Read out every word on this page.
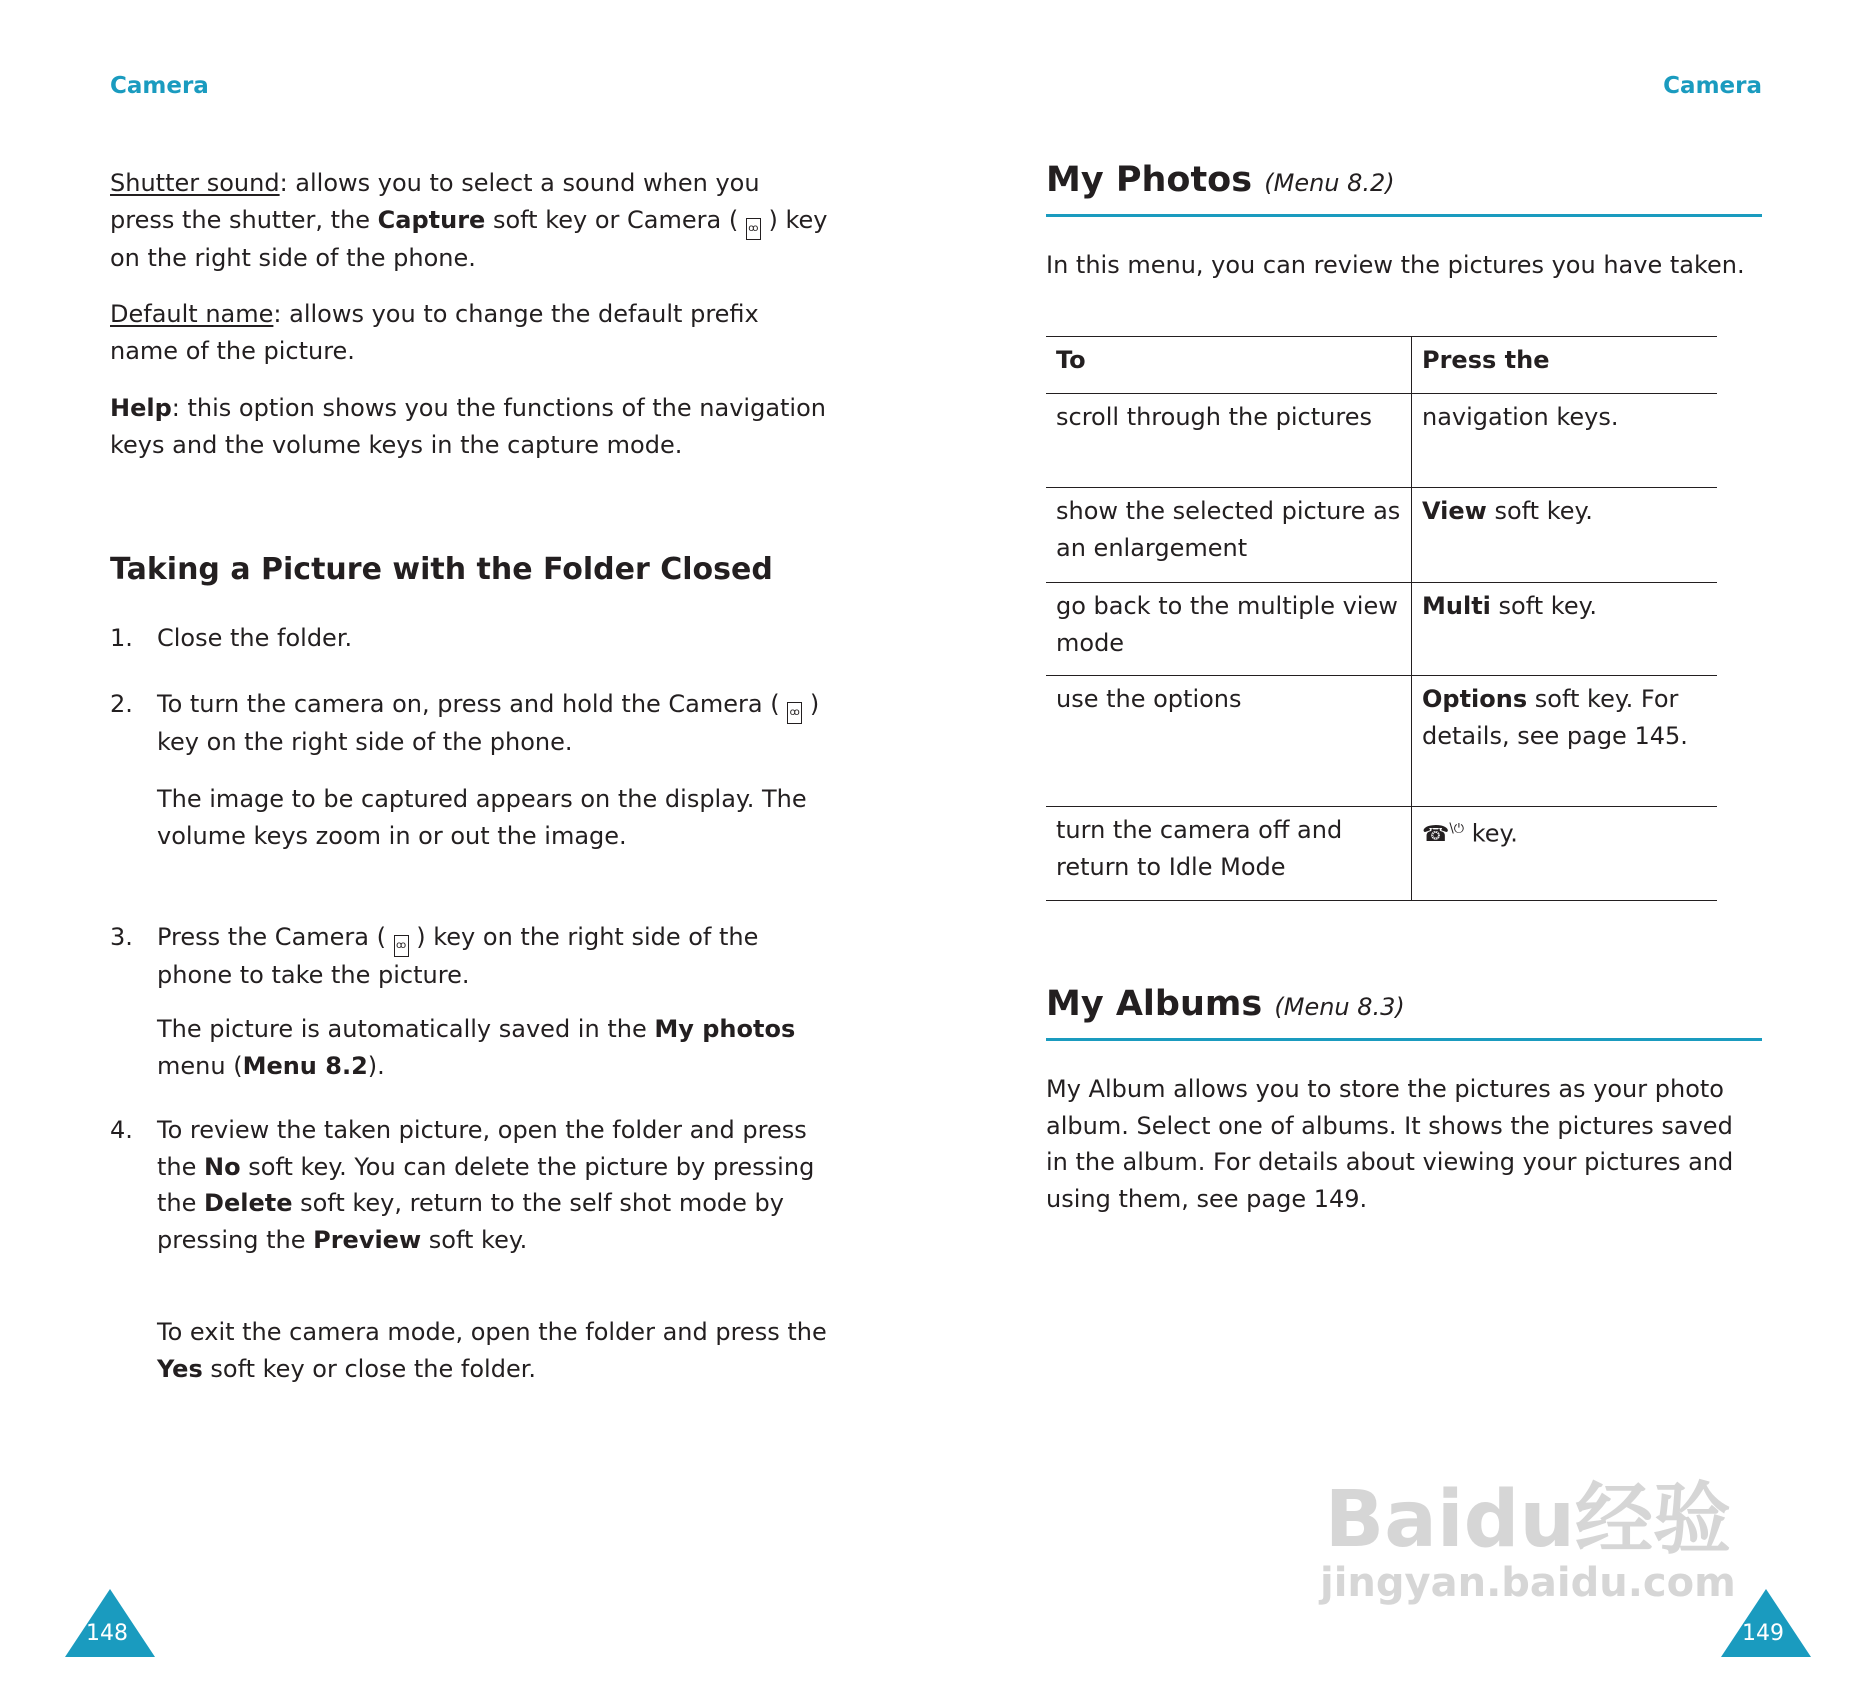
Camera	Camera

Shutter sound: allows you to select a sound when you press the shutter, the Capture soft key or Camera ( ꝏ ) key on the right side of the phone.

Default name: allows you to change the default prefix name of the picture.

Help: this option shows you the functions of the navigation keys and the volume keys in the capture mode.

Taking a Picture with the Folder Closed
1. Close the folder.
2. To turn the camera on, press and hold the Camera ( ꝏ ) key on the right side of the phone.
The image to be captured appears on the display. The volume keys zoom in or out the image.
3. Press the Camera ( ꝏ ) key on the right side of the phone to take the picture.
The picture is automatically saved in the My photos menu (Menu 8.2).
4. To review the taken picture, open the folder and press the No soft key. You can delete the picture by pressing the Delete soft key, return to the self shot mode by pressing the Preview soft key.
To exit the camera mode, open the folder and press the Yes soft key or close the folder.
My Photos (Menu 8.2)
In this menu, you can review the pictures you have taken.
To	Press the
scroll through the pictures	navigation keys.
show the selected picture as an enlargement	View soft key.
go back to the multiple view mode	Multi soft key.
use the options	Options soft key. For details, see page 145.
turn the camera off and return to Idle Mode	☎\⏻ key.
My Albums (Menu 8.3)
My Album allows you to store the pictures as your photo album. Select one of albums. It shows the pictures saved in the album. For details about viewing your pictures and using them, see page 149.
Baidu经验
jingyan.baidu.com
148	149
